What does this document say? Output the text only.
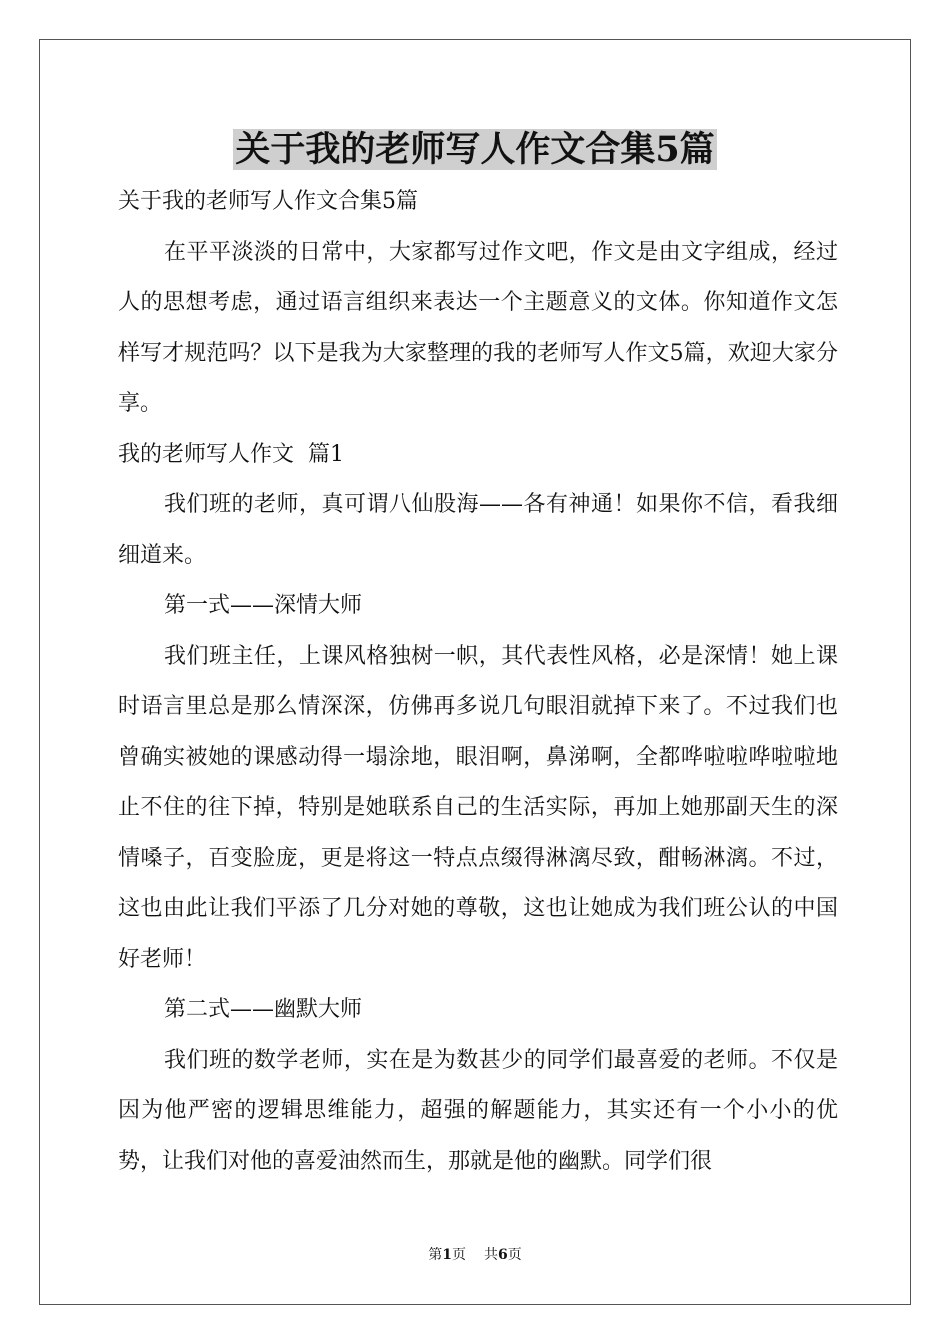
关于我的老师写人作文合集5篇

关于我的老师写人作文合集5篇

在平平淡淡的日常中，大家都写过作文吧，作文是由文字组成，经过人的思想考虑，通过语言组织来表达一个主题意义的文体。你知道作文怎样写才规范吗？以下是我为大家整理的我的老师写人作文5篇，欢迎大家分享。

我的老师写人作文  篇1

我们班的老师，真可谓八仙股海——各有神通！如果你不信，看我细细道来。

第一式——深情大师

我们班主任，上课风格独树一帜，其代表性风格，必是深情！她上课时语言里总是那么情深深，仿佛再多说几句眼泪就掉下来了。不过我们也曾确实被她的课感动得一塌涂地，眼泪啊，鼻涕啊，全都哗啦啦哗啦啦地止不住的往下掉，特别是她联系自己的生活实际，再加上她那副天生的深情嗓子，百变脸庞，更是将这一特点点缀得淋漓尽致，酣畅淋漓。不过，这也由此让我们平添了几分对她的尊敬，这也让她成为我们班公认的中国好老师！

第二式——幽默大师

我们班的数学老师，实在是为数甚少的同学们最喜爱的老师。不仅是因为他严密的逻辑思维能力，超强的解题能力，其实还有一个小小的优势，让我们对他的喜爱油然而生，那就是他的幽默。同学们很

第1页 共6页
